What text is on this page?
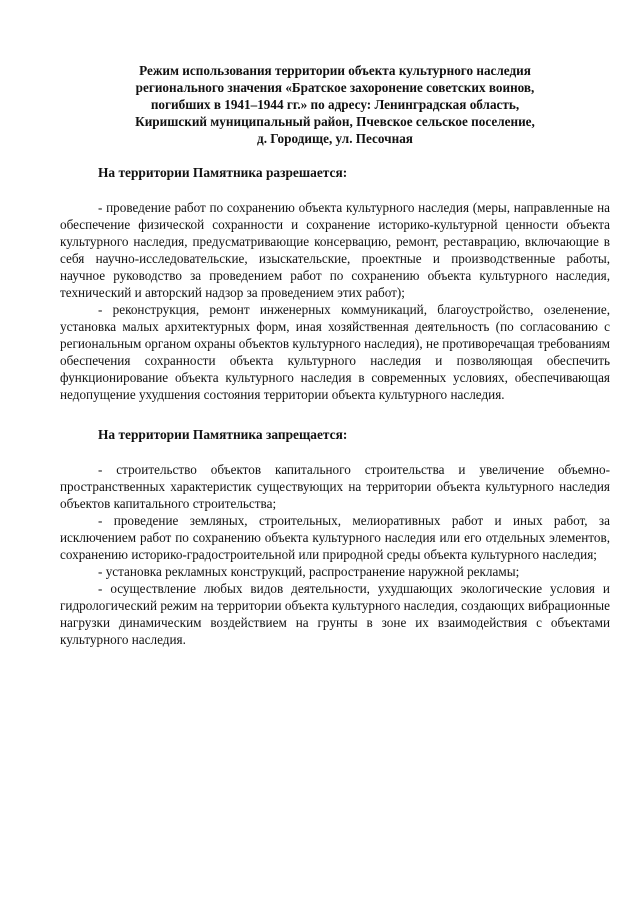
Режим использования территории объекта культурного наследия
регионального значения «Братское захоронение советских воинов,
погибших в 1941–1944 гг.» по адресу: Ленинградская область,
Киришский муниципальный район, Пчевское сельское поселение,
д. Городище, ул. Песочная
На территории Памятника разрешается:

- проведение работ по сохранению объекта культурного наследия (меры, направленные на обеспечение физической сохранности и сохранение историко-культурной ценности объекта культурного наследия, предусматривающие консервацию, ремонт, реставрацию, включающие в себя научно-исследовательские, изыскательские, проектные и производственные работы, научное руководство за проведением работ по сохранению объекта культурного наследия, технический и авторский надзор за проведением этих работ);

- реконструкция, ремонт инженерных коммуникаций, благоустройство, озеленение, установка малых архитектурных форм, иная хозяйственная деятельность (по согласованию с региональным органом охраны объектов культурного наследия), не противоречащая требованиям обеспечения сохранности объекта культурного наследия и позволяющая обеспечить функционирование объекта культурного наследия в современных условиях, обеспечивающая недопущение ухудшения состояния территории объекта культурного наследия.

На территории Памятника запрещается:

- строительство объектов капитального строительства и увеличение объемно-пространственных характеристик существующих на территории объекта культурного наследия объектов капитального строительства;

- проведение земляных, строительных, мелиоративных работ и иных работ, за исключением работ по сохранению объекта культурного наследия или его отдельных элементов, сохранению историко-градостроительной или природной среды объекта культурного наследия;

- установка рекламных конструкций, распространение наружной рекламы;

- осуществление любых видов деятельности, ухудшающих экологические условия и гидрологический режим на территории объекта культурного наследия, создающих вибрационные нагрузки динамическим воздействием на грунты в зоне их взаимодействия с объектами культурного наследия.
